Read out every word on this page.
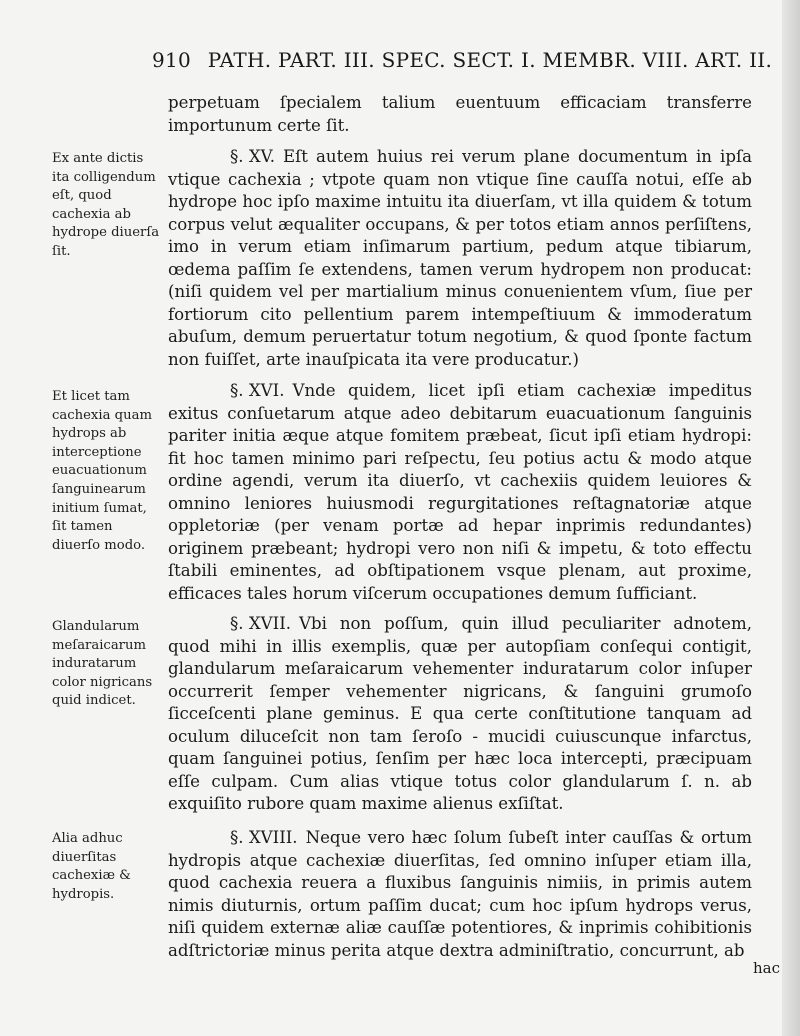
910 PATH. PART. III. SPEC. SECT. I. MEMBR. VIII. ART. II.

perpetuam ſpecialem talium euentuum efficaciam transferre importunum certe ſit.

§. XV. Eſt autem huius rei verum plane documentum in ipſa vtique cachexia ; vtpote quam non vtique ſine cauſſa notui, eſſe ab hydrope hoc ipſo maxime intuitu ita diuerſam, vt illa quidem & totum corpus velut æqualiter occupans, & per totos etiam annos perſiſtens, imo in verum etiam inſimarum partium, pedum atque tibiarum, œdema paſſim ſe extendens, tamen verum hydropem non producat: (niſi quidem vel per martialium minus conuenientem vſum, ſiue per fortiorum cito pellentium parem intempeſtiuum & immoderatum abuſum, demum peruertatur totum negotium, & quod ſponte factum non fuiſſet, arte inauſpicata ita vere producatur.)
Ex ante dictis ita colligendum eſt, quod cachexia ab hydrope diuerſa ſit.
§. XVI. Vnde quidem, licet ipſi etiam cachexiæ impeditus exitus conſuetarum atque adeo debitarum euacuationum ſanguinis pariter initia æque atque fomitem præbeat, ſicut ipſi etiam hydropi: fit hoc tamen minimo pari reſpectu, ſeu potius actu & modo atque ordine agendi, verum ita diuerſo, vt cachexiis quidem leuiores & omnino leniores huiusmodi regurgitationes reſtagnatoriæ atque oppletoriæ (per venam portæ ad hepar inprimis redundantes) originem præbeant; hydropi vero non niſi & impetu, & toto effectu ſtabili eminentes, ad obſtipationem vsque plenam, aut proxime, efficaces tales horum viſcerum occupationes demum ſufficiant.
Et licet tam cachexia quam hydrops ab interceptione euacuationum ſanguinearum initium ſumat, ſit tamen diuerſo modo.
§. XVII. Vbi non poſſum, quin illud peculiariter adnotem, quod mihi in illis exemplis, quæ per autopſiam conſequi contigit, glandularum meſaraicarum vehementer induratarum color inſuper occurrerit ſemper vehementer nigricans, & ſanguini grumoſo ſicceſcenti plane geminus. E qua certe conſtitutione tanquam ad oculum diluceſcit non tam ſeroſo - mucidi cuiuscunque infarctus, quam ſanguinei potius, ſenſim per hæc loca intercepti, præcipuam eſſe culpam. Cum alias vtique totus color glandularum ſ. n. ab exquiſito rubore quam maxime alienus exſiſtat.
Glandularum meſaraicarum induratarum color nigricans quid indicet.
§. XVIII. Neque vero hæc ſolum ſubeſt inter cauſſas & ortum hydropis atque cachexiæ diuerſitas, ſed omnino inſuper etiam illa, quod cachexia reuera a fluxibus ſanguinis nimiis, in primis autem nimis diuturnis, ortum paſſim ducat; cum hoc ipſum hydrops verus, niſi quidem externæ aliæ cauſſæ potentiores, & inprimis cohibitionis adſtrictoriæ minus perita atque dextra adminiſtratio, concurrunt, ab
Alia adhuc diuerſitas cachexiæ & hydropis.
hac
